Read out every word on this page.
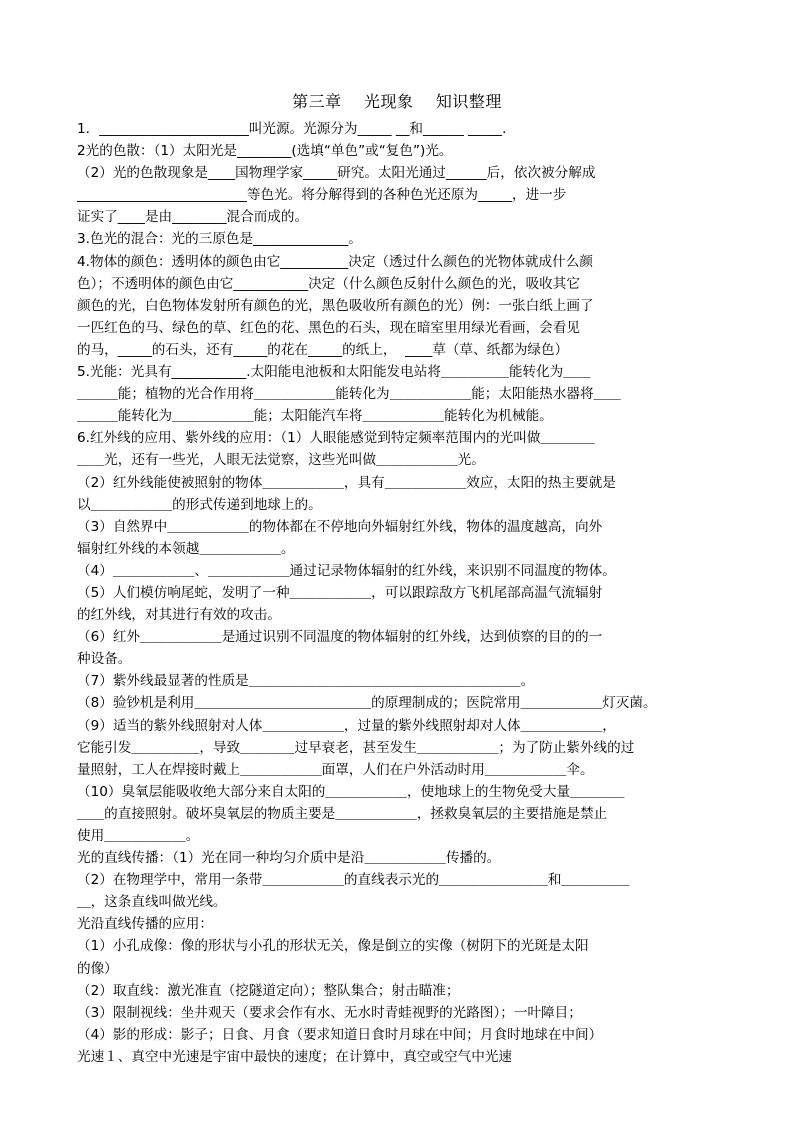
第三章    光现象    知识整理
1．______________________叫光源。光源分为_____ __和______ _____.
2光的色散：（1）太阳光是________(选填“单色”或“复色”)光。
（2）光的色散现象是____国物理学家_____研究。太阳光通过______后，依次被分解成
_________________________等色光。将分解得到的各种色光还原为_____，进一步
证实了____是由________混合而成的。
3.色光的混合：光的三原色是______________。
4.物体的颜色：透明体的颜色由它__________决定（透过什么颜色的光物体就成什么颜
色）；不透明体的颜色由它___________决定（什么颜色反射什么颜色的光，吸收其它
颜色的光，白色物体发射所有颜色的光，黑色吸收所有颜色的光）例：一张白纸上画了
一匹红色的马、绿色的草、红色的花、黑色的石头，现在暗室里用绿光看画，会看见
的马，_____的石头，还有_____的花在_____的纸上，  ____草（草、纸都为绿色）
5.光能：光具有___________.太阳能电池板和太阳能发电站将＿＿＿＿＿能转化为＿＿
＿＿＿能；植物的光合作用将＿＿＿＿＿＿能转化为＿＿＿＿＿＿能；太阳能热水器将＿＿
＿＿＿能转化为＿＿＿＿＿＿能；太阳能汽车将＿＿＿＿＿＿能转化为机械能。
6.红外线的应用、紫外线的应用：（1）人眼能感觉到特定频率范围内的光叫做＿＿＿＿
＿＿光，还有一些光，人眼无法觉察，这些光叫做＿＿＿＿＿＿光。
（2）红外线能使被照射的物体＿＿＿＿＿＿，具有＿＿＿＿＿＿效应，太阳的热主要就是
以＿＿＿＿＿＿的形式传递到地球上的。
（3）自然界中＿＿＿＿＿＿的物体都在不停地向外辐射红外线，物体的温度越高，向外
辐射红外线的本领越＿＿＿＿＿＿。
（4）＿＿＿＿＿＿、＿＿＿＿＿＿通过记录物体辐射的红外线，来识别不同温度的物体。
（5）人们模仿响尾蛇，发明了一种＿＿＿＿＿＿，可以跟踪敌方飞机尾部高温气流辐射
的红外线，对其进行有效的攻击。
（6）红外＿＿＿＿＿＿是通过识别不同温度的物体辐射的红外线，达到侦察的目的的一
种设备。
（7）紫外线最显著的性质是＿＿＿＿＿＿＿＿＿＿＿＿＿＿＿＿＿＿＿＿。
（8）验钞机是利用＿＿＿＿＿＿＿＿＿＿＿＿＿的原理制成的；医院常用＿＿＿＿＿＿灯灭菌。
（9）适当的紫外线照射对人体＿＿＿＿＿＿，过量的紫外线照射却对人体＿＿＿＿＿＿，
它能引发＿＿＿＿＿，导致＿＿＿＿过早衰老，甚至发生＿＿＿＿＿＿；为了防止紫外线的过
量照射，工人在焊接时戴上＿＿＿＿＿＿面罩，人们在户外活动时用＿＿＿＿＿＿伞。
（10）臭氧层能吸收绝大部分来自太阳的＿＿＿＿＿＿，使地球上的生物免受大量＿＿＿＿
＿＿的直接照射。破坏臭氧层的物质主要是＿＿＿＿＿＿，拯救臭氧层的主要措施是禁止
使用＿＿＿＿＿＿。
光的直线传播：（1）光在同一种均匀介质中是沿＿＿＿＿＿＿传播的。
（2）在物理学中，常用一条带＿＿＿＿＿＿的直线表示光的＿＿＿＿＿＿＿＿和＿＿＿＿＿
＿，这条直线叫做光线。
光沿直线传播的应用：
（1）小孔成像：像的形状与小孔的形状无关，像是倒立的实像（树阴下的光斑是太阳
的像）
（2）取直线：激光准直（挖隧道定向）；整队集合；射击瞄准；
（3）限制视线：坐井观天（要求会作有水、无水时青蛙视野的光路图）；一叶障目；
（4）影的形成：影子；日食、月食（要求知道日食时月球在中间；月食时地球在中间）
光速１、真空中光速是宇宙中最快的速度；在计算中，真空或空气中光速
